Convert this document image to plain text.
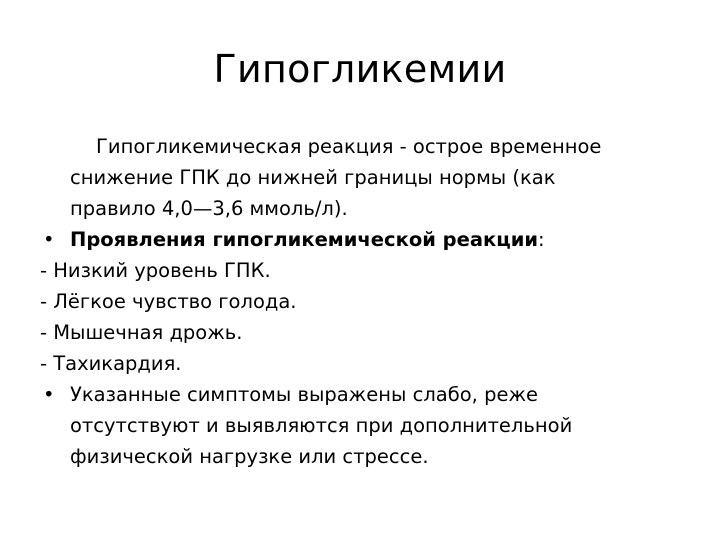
Гипогликемии
Гипогликемическая реакция - острое временное
снижение ГПК до нижней границы нормы (как
правило 4,0—3,6 ммоль/л).
• Проявления гипогликемической реакции:
- Низкий уровень ГПК.
- Лёгкое чувство голода.
- Мышечная дрожь.
- Тахикардия.
• Указанные симптомы выражены слабо, реже
отсутствуют и выявляются при дополнительной
физической нагрузке или стрессе.
